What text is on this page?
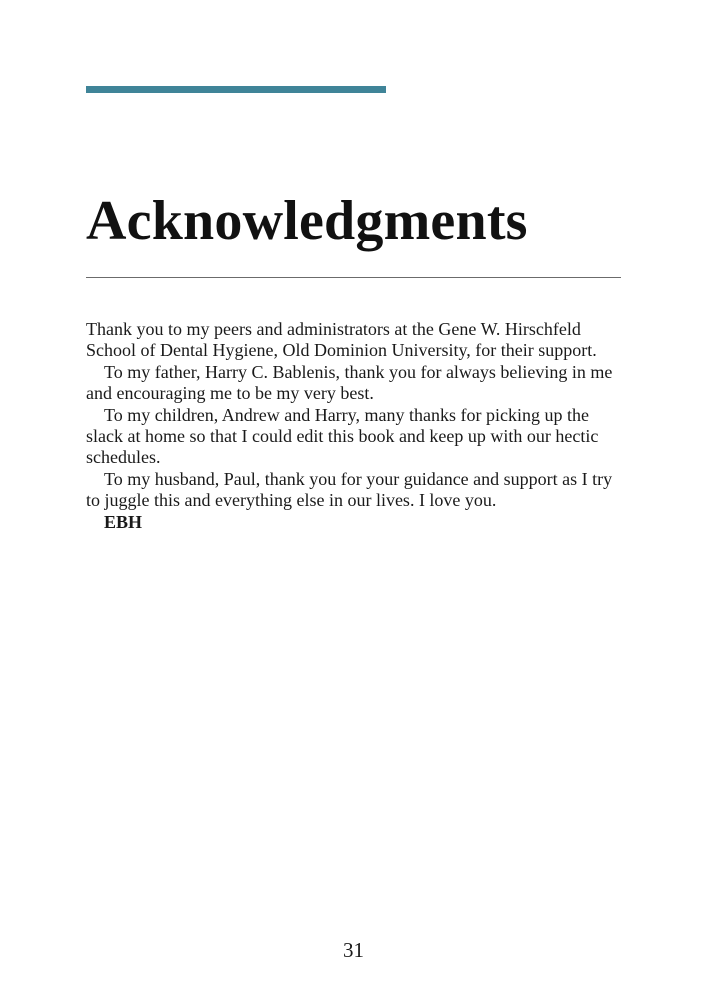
Acknowledgments

Thank you to my peers and administrators at the Gene W. Hirschfeld School of Dental Hygiene, Old Dominion University, for their support.

To my father, Harry C. Bablenis, thank you for always believing in me and encouraging me to be my very best.

To my children, Andrew and Harry, many thanks for picking up the slack at home so that I could edit this book and keep up with our hectic schedules.

To my husband, Paul, thank you for your guidance and support as I try to juggle this and everything else in our lives. I love you.

EBH

31
